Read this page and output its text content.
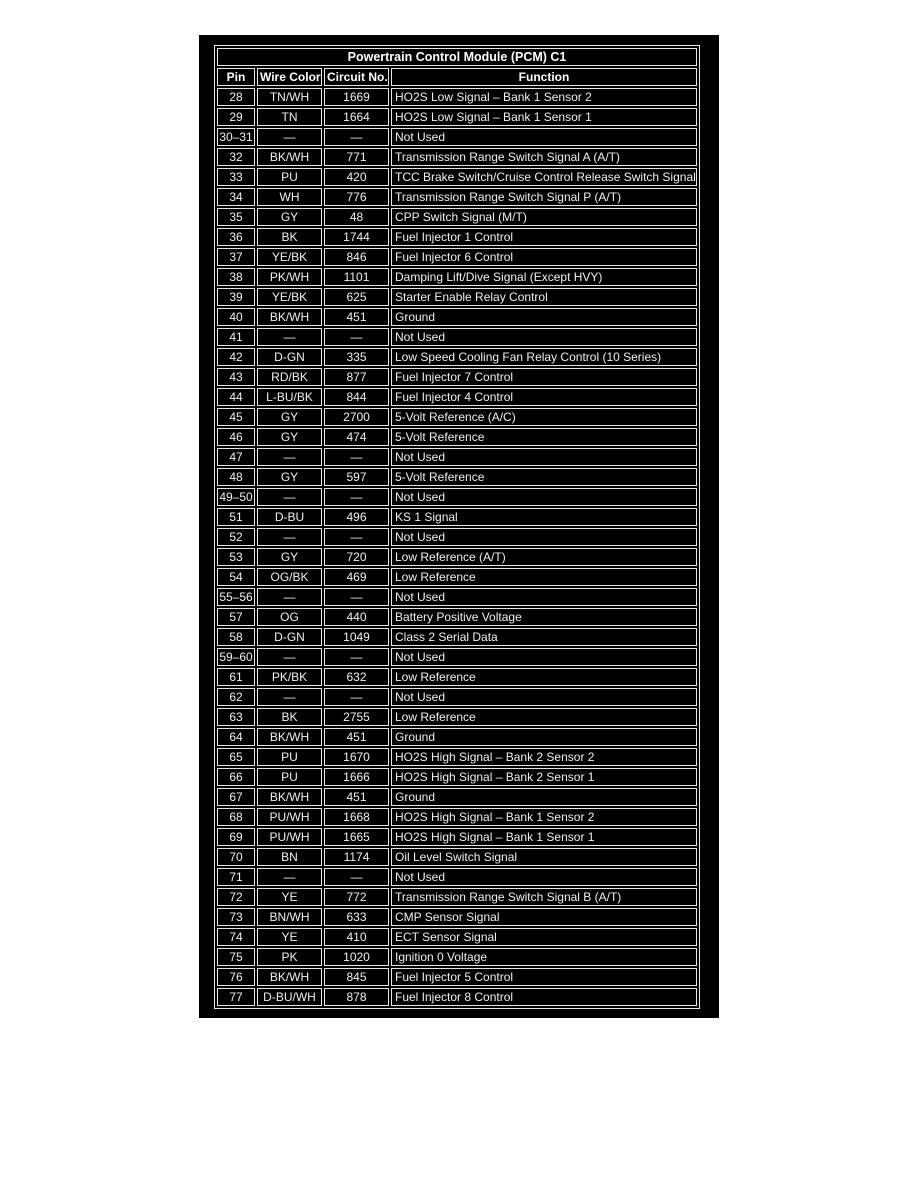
Powertrain Control Module (PCM) C1			
Pin	Wire Color	Circuit No.	Function
28	TN/WH	1669	HO2S Low Signal – Bank 1 Sensor 2
29	TN	1664	HO2S Low Signal – Bank 1 Sensor 1
30–31	—	—	Not Used
32	BK/WH	771	Transmission Range Switch Signal A (A/T)
33	PU	420	TCC Brake Switch/Cruise Control Release Switch Signal
34	WH	776	Transmission Range Switch Signal P (A/T)
35	GY	48	CPP Switch Signal (M/T)
36	BK	1744	Fuel Injector 1 Control
37	YE/BK	846	Fuel Injector 6 Control
38	PK/WH	1101	Damping Lift/Dive Signal (Except HVY)
39	YE/BK	625	Starter Enable Relay Control
40	BK/WH	451	Ground
41	—	—	Not Used
42	D-GN	335	Low Speed Cooling Fan Relay Control (10 Series)
43	RD/BK	877	Fuel Injector 7 Control
44	L-BU/BK	844	Fuel Injector 4 Control
45	GY	2700	5-Volt Reference (A/C)
46	GY	474	5-Volt Reference
47	—	—	Not Used
48	GY	597	5-Volt Reference
49–50	—	—	Not Used
51	D-BU	496	KS 1 Signal
52	—	—	Not Used
53	GY	720	Low Reference (A/T)
54	OG/BK	469	Low Reference
55–56	—	—	Not Used
57	OG	440	Battery Positive Voltage
58	D-GN	1049	Class 2 Serial Data
59–60	—	—	Not Used
61	PK/BK	632	Low Reference
62	—	—	Not Used
63	BK	2755	Low Reference
64	BK/WH	451	Ground
65	PU	1670	HO2S High Signal – Bank 2 Sensor 2
66	PU	1666	HO2S High Signal – Bank 2 Sensor 1
67	BK/WH	451	Ground
68	PU/WH	1668	HO2S High Signal – Bank 1 Sensor 2
69	PU/WH	1665	HO2S High Signal – Bank 1 Sensor 1
70	BN	1174	Oil Level Switch Signal
71	—	—	Not Used
72	YE	772	Transmission Range Switch Signal B (A/T)
73	BN/WH	633	CMP Sensor Signal
74	YE	410	ECT Sensor Signal
75	PK	1020	Ignition 0 Voltage
76	BK/WH	845	Fuel Injector 5 Control
77	D-BU/WH	878	Fuel Injector 8 Control
